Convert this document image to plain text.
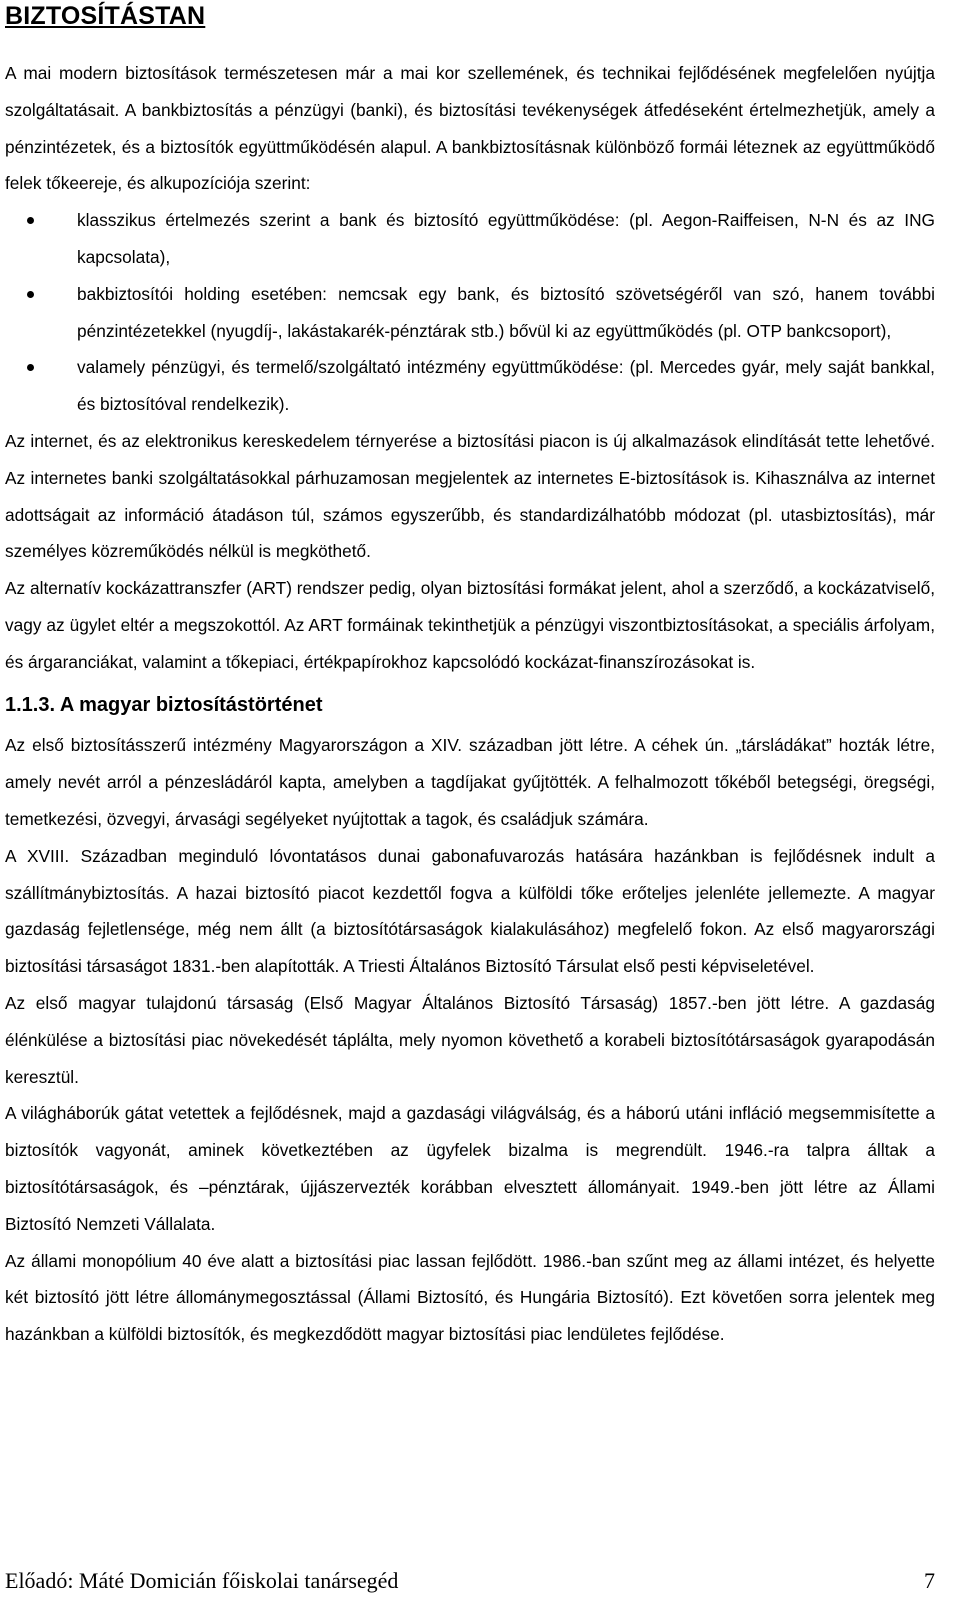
BIZTOSÍTÁSTAN

A mai modern biztosítások természetesen már a mai kor szellemének, és technikai fejlődésének megfelelően nyújtja szolgáltatásait. A bankbiztosítás a pénzügyi (banki), és biztosítási tevékenységek átfedéseként értelmezhetjük, amely a pénzintézetek, és a biztosítók együttműködésén alapul. A bankbiztosításnak különböző formái léteznek az együttműködő felek tőkeereje, és alkupozíciója szerint:

klasszikus értelmezés szerint a bank és biztosító együttműködése: (pl. Aegon-Raiffeisen, N-N és az ING kapcsolata),
bakbiztosítói holding esetében: nemcsak egy bank, és biztosító szövetségéről van szó, hanem további pénzintézetekkel (nyugdíj-, lakástakarék-pénztárak stb.) bővül ki az együttműködés (pl. OTP bankcsoport),
valamely pénzügyi, és termelő/szolgáltató intézmény együttműködése: (pl. Mercedes gyár, mely saját bankkal, és biztosítóval rendelkezik).

Az internet, és az elektronikus kereskedelem térnyerése a biztosítási piacon is új alkalmazások elindítását tette lehetővé. Az internetes banki szolgáltatásokkal párhuzamosan megjelentek az internetes E-biztosítások is. Kihasználva az internet adottságait az információ átadáson túl, számos egyszerűbb, és standardizálhatóbb módozat (pl. utasbiztosítás), már személyes közreműködés nélkül is megköthető.

Az alternatív kockázattranszfer (ART) rendszer pedig, olyan biztosítási formákat jelent, ahol a szerződő, a kockázatviselő, vagy az ügylet eltér a megszokottól. Az ART formáinak tekinthetjük a pénzügyi viszontbiztosításokat, a speciális árfolyam, és árgaranciákat, valamint a tőkepiaci, értékpapírokhoz kapcsolódó kockázat-finanszírozásokat is.

1.1.3. A magyar biztosítástörténet

Az első biztosításszerű intézmény Magyarországon a XIV. században jött létre. A céhek ún. „társládákat” hozták létre, amely nevét arról a pénzesládáról kapta, amelyben a tagdíjakat gyűjtötték. A felhalmozott tőkéből betegségi, öregségi, temetkezési, özvegyi, árvasági segélyeket nyújtottak a tagok, és családjuk számára.

A XVIII. Században meginduló lóvontatásos dunai gabonafuvarozás hatására hazánkban is fejlődésnek indult a szállítmánybiztosítás. A hazai biztosító piacot kezdettől fogva a külföldi tőke erőteljes jelenléte jellemezte. A magyar gazdaság fejletlensége, még nem állt (a biztosítótársaságok kialakulásához) megfelelő fokon. Az első magyarországi biztosítási társaságot 1831.-ben alapították. A Triesti Általános Biztosító Társulat első pesti képviseletével.

Az első magyar tulajdonú társaság (Első Magyar Általános Biztosító Társaság) 1857.-ben jött létre. A gazdaság élénkülése a biztosítási piac növekedését táplálta, mely nyomon követhető a korabeli biztosítótársaságok gyarapodásán keresztül.

A világháborúk gátat vetettek a fejlődésnek, majd a gazdasági világválság, és a háború utáni infláció megsemmisítette a biztosítók vagyonát, aminek következtében az ügyfelek bizalma is megrendült. 1946.-ra talpra álltak a biztosítótársaságok, és –pénztárak, újjászervezték korábban elvesztett állományait. 1949.-ben jött létre az Állami Biztosító Nemzeti Vállalata.

Az állami monopólium 40 éve alatt a biztosítási piac lassan fejlődött. 1986.-ban szűnt meg az állami intézet, és helyette két biztosító jött létre állománymegosztással (Állami Biztosító, és Hungária Biztosító). Ezt követően sorra jelentek meg hazánkban a külföldi biztosítók, és megkezdődött magyar biztosítási piac lendületes fejlődése.

Előadó: Máté Domicián főiskolai tanársegéd	7
